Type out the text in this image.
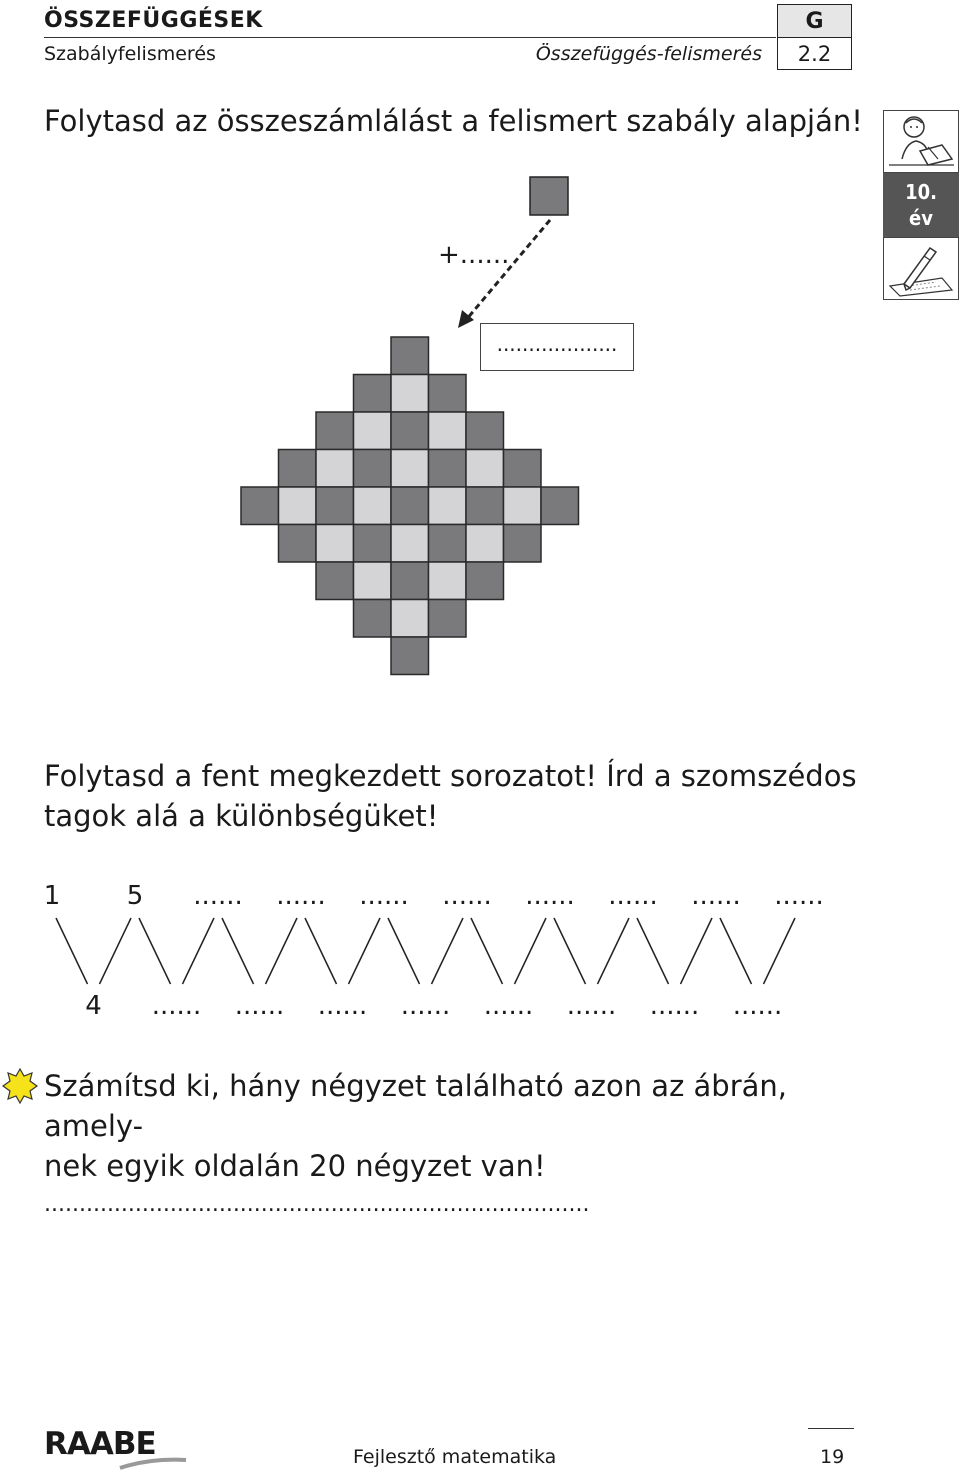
ÖSSZEFÜGGÉSEK
Szabályfelismerés	Összefüggés-felismerés
G
2.2
10.
év
Folytasd az összeszámlálást a felismert szabály alapján!
+......
...................
Folytasd a fent megkezdett sorozatot! Írd a szomszédos tagok alá a különbségüket!
1	5 ...... ...... ...... ...... ...... ...... ...... ......
4 ...... ...... ...... ...... ...... ...... ...... ......
Számítsd ki, hány négyzet található azon az ábrán, amely-
nek egyik oldalán 20 négyzet van!
..............................................................................
RAABE	Fejlesztő matematika	19
